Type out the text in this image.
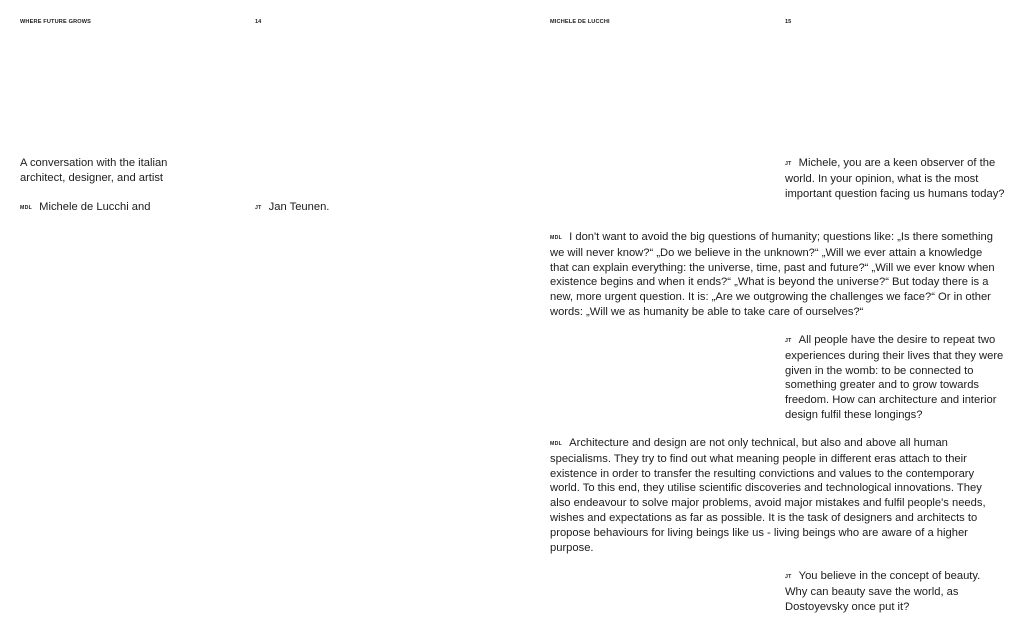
WHERE FUTURE GROWS	14

A conversation with the italian

architect, designer, and artist

MDL Michele de Lucchi and	JT Jan Teunen.

MICHELE DE LUCCHI	15

JT Michele, you are a keen observer of the world. In your opinion, what is the most important question facing us humans today?

MDL I don't want to avoid the big questions of humanity; questions like: „Is there something we will never know?“ „Do we believe in the unknown?“ „Will we ever attain a knowledge that can explain everything: the universe, time, past and future?“ „Will we ever know when existence begins and when it ends?“ „What is beyond the universe?“ But today there is a new, more urgent question. It is: „Are we outgrowing the challenges we face?“ Or in other words: „Will we as humanity be able to take care of ourselves?“

JT All people have the desire to repeat two experiences during their lives that they were given in the womb: to be connected to something greater and to grow towards freedom. How can architecture and interior design fulfil these longings?

MDL Architecture and design are not only technical, but also and above all human specialisms. They try to find out what meaning people in different eras attach to their existence in order to transfer the resulting convictions and values to the contemporary world. To this end, they utilise scientific discoveries and technological innovations. They also endeavour to solve major problems, avoid major mistakes and fulfil people's needs, wishes and expectations as far as possible. It is the task of designers and architects to propose behaviours for living beings like us - living beings who are aware of a higher purpose.

JT You believe in the concept of beauty. Why can beauty save the world, as Dostoyevsky once put it?
